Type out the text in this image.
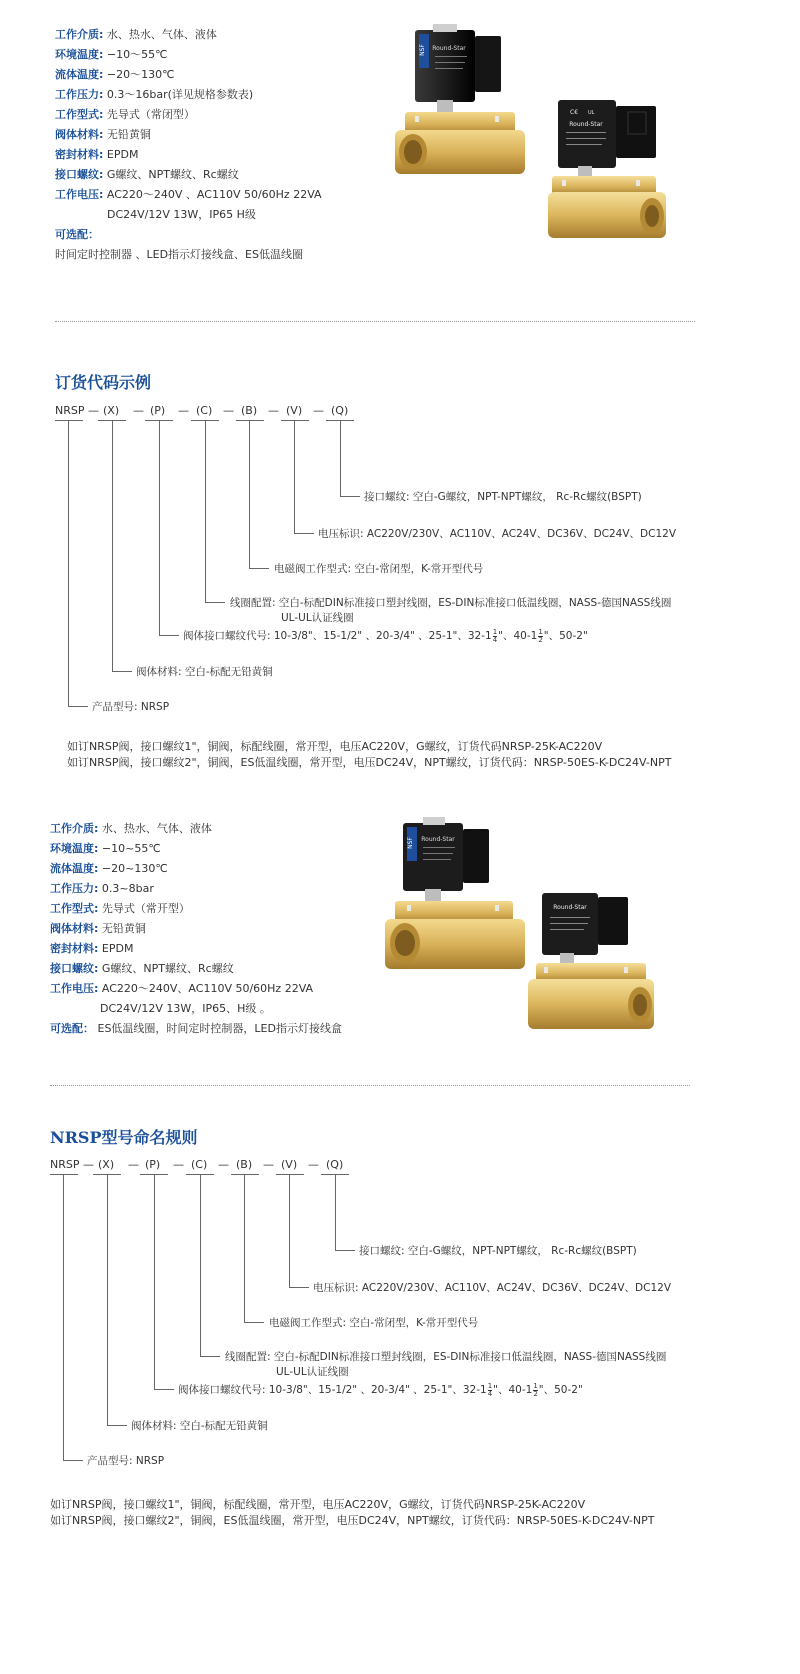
工作介质: 水、热水、气体、液体
环境温度: −10～55℃
流体温度: −20～130℃
工作压力: 0.3～16bar(详见规格参数表)
工作型式: 先导式（常闭型）
阀体材料: 无铅黄铜
密封材料: EPDM
接口螺纹: G螺纹、NPT螺纹、Rc螺纹
工作电压: AC220～240V 、AC110V 50/60Hz 22VA
DC24V/12V 13W，IP65 H级
可选配：
时间定时控制器 、LED指示灯接线盒、ES低温线圈
NSF Round-Star
C€ UL
Round-Star
订货代码示例
NRSP — (X) — (P) — (C) — (B) — (V) — (Q)
接口螺纹: 空白-G螺纹，NPT-NPT螺纹， Rc-Rc螺纹(BSPT)
电压标识: AC220V/230V、AC110V、AC24V、DC36V、DC24V、DC12V
电磁阀工作型式: 空白-常闭型，K-常开型代号
线圈配置: 空白-标配DIN标准接口塑封线圈，ES-DIN标准接口低温线圈，NASS-德国NASS线圈
UL-UL认证线圈
阀体接口螺纹代号: 10-3/8"、15-1/2" 、20-3/4" 、25-1"、$32-1 \frac{1}{4}$ "、$40-1 \frac{1}{2}$ "、50-2"
阀体材料: 空白-标配无铅黄铜
产品型号: NRSP
如订NRSP阀，接口螺纹1"，铜阀，标配线圈，常开型，电压AC220V，G螺纹，订货代码NRSP-25K-AC220V
如订NRSP阀，接口螺纹2"，铜阀，ES低温线圈，常开型，电压DC24V，NPT螺纹，订货代码：NRSP-50ES-K-DC24V-NPT
工作介质: 水、热水、气体、液体
环境温度: −10~55℃
流体温度: −20~130℃
工作压力: 0.3~8bar
工作型式: 先导式（常开型）
阀体材料: 无铅黄铜
密封材料: EPDM
接口螺纹: G螺纹、NPT螺纹、Rc螺纹
工作电压: AC220～240V、AC110V 50/60Hz 22VA
DC24V/12V 13W，IP65、H级 。
可选配： ES低温线圈，时间定时控制器，LED指示灯接线盒
NSF Round-Star
Round-Star
NRSP型号命名规则
NRSP — (X) — (P) — (C) — (B) — (V) — (Q)
接口螺纹: 空白-G螺纹，NPT-NPT螺纹， Rc-Rc螺纹(BSPT)
电压标识: AC220V/230V、AC110V、AC24V、DC36V、DC24V、DC12V
电磁阀工作型式: 空白-常闭型，K-常开型代号
线圈配置: 空白-标配DIN标准接口塑封线圈，ES-DIN标准接口低温线圈，NASS-德国NASS线圈
UL-UL认证线圈
阀体接口螺纹代号: 10-3/8"、15-1/2" 、20-3/4" 、25-1"、$32-1 \frac{1}{4}$ "、$40-1 \frac{1}{2}$ "、50-2"
阀体材料: 空白-标配无铅黄铜
产品型号: NRSP
如订NRSP阀，接口螺纹1"，铜阀，标配线圈，常开型，电压AC220V，G螺纹，订货代码NRSP-25K-AC220V
如订NRSP阀，接口螺纹2"，铜阀，ES低温线圈，常开型，电压DC24V，NPT螺纹，订货代码：NRSP-50ES-K-DC24V-NPT
